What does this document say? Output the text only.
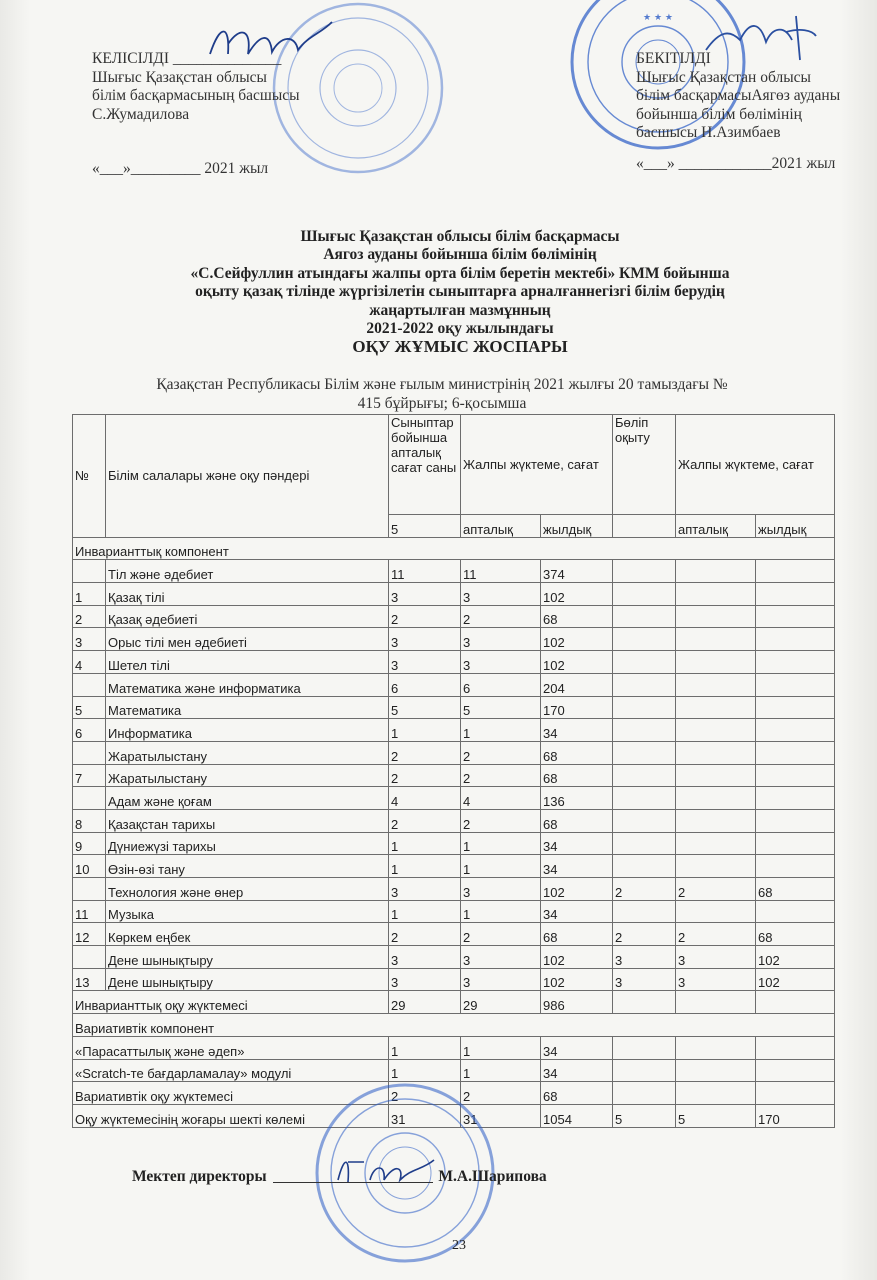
★ ★ ★
КЕЛІСІЛДІ ______________
Шығыс Қазақстан облысы
білім басқармасының басшысы
С.Жумадилова
«___»_________ 2021 жыл
БЕКІТІЛДІ
Шығыс Қазақстан облысы
білім басқармасыАягөз ауданы
бойынша білім бөлімінің
басшысы Н.Азимбаев
«___» ____________2021 жыл
Шығыс Қазақстан облысы білім басқармасы
Аягоз ауданы бойынша білім бөлімінің
«С.Сейфуллин атындағы жалпы орта білім беретін мектебі» КММ бойынша
оқыту қазақ тілінде жүргізілетін сыныптарға арналғаннегізгі білім берудің
жаңартылған мазмұнның
2021-2022 оқу жылындағы
ОҚУ ЖҰМЫС ЖОСПАРЫ
Қазақстан Республикасы Білім және ғылым министрінің 2021 жылғы 20 тамыздағы №
415 бұйрығы; 6-қосымша
№	Білім салалары және оқу пәндері	Сыныптар бойынша апталық сағат саны	Жалпы жүктеме, сағат		Бөліп оқыту	Жалпы жүктеме, сағат	
		5	апталық	жылдық		апталық	жылдық
Инварианттық компонент							
	Тіл және әдебиет	11	11	374			
1	Қазақ тілі	3	3	102			
2	Қазақ әдебиеті	2	2	68			
3	Орыс тілі мен әдебиеті	3	3	102			
4	Шетел тілі	3	3	102			
	Математика және информатика	6	6	204			
5	Математика	5	5	170			
6	Информатика	1	1	34			
	Жаратылыстану	2	2	68			
7	Жаратылыстану	2	2	68			
	Адам және қоғам	4	4	136			
8	Қазақстан тарихы	2	2	68			
9	Дүниежүзі тарихы	1	1	34			
10	Өзін-өзі тану	1	1	34			
	Технология және өнер	3	3	102	2	2	68
11	Музыка	1	1	34			
12	Көркем еңбек	2	2	68	2	2	68
	Дене шынықтыру	3	3	102	3	3	102
13	Дене шынықтыру	3	3	102	3	3	102
Инварианттық оқу жүктемесі		29	29	986			
Вариативтік компонент							
«Парасаттылық және әдеп»		1	1	34			
«Scratch-те бағдарламалау» модулі		1	1	34			
Вариативтік оқу жүктемесі		2	2	68			
Оқу жүктемесінің жоғары шекті көлемі		31	31	1054	5	5	170
Мектеп директоры	М.А.Шарипова
23
